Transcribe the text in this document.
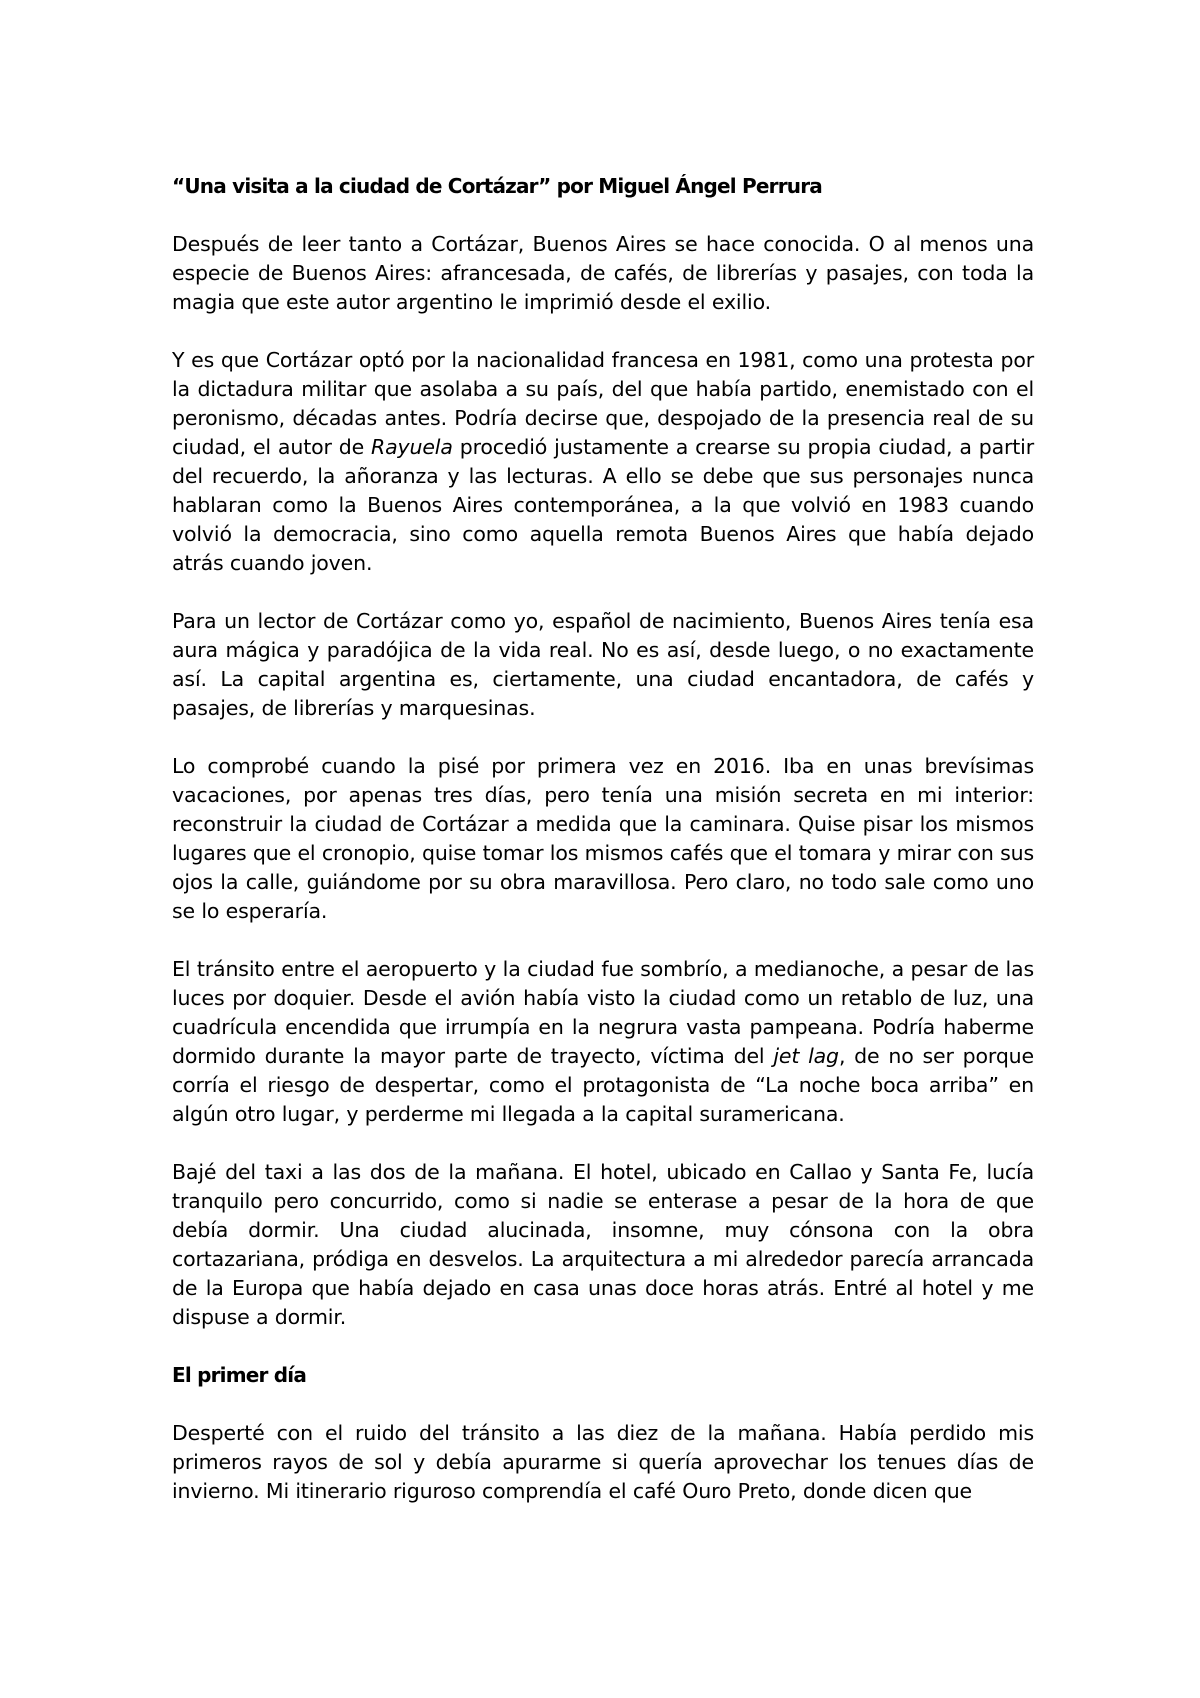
“Una visita a la ciudad de Cortázar” por Miguel Ángel Perrura

Después de leer tanto a Cortázar, Buenos Aires se hace conocida. O al menos una especie de Buenos Aires: afrancesada, de cafés, de librerías y pasajes, con toda la magia que este autor argentino le imprimió desde el exilio.

Y es que Cortázar optó por la nacionalidad francesa en 1981, como una protesta por la dictadura militar que asolaba a su país, del que había partido, enemistado con el peronismo, décadas antes. Podría decirse que, despojado de la presencia real de su ciudad, el autor de Rayuela procedió justamente a crearse su propia ciudad, a partir del recuerdo, la añoranza y las lecturas. A ello se debe que sus personajes nunca hablaran como la Buenos Aires contemporánea, a la que volvió en 1983 cuando volvió la democracia, sino como aquella remota Buenos Aires que había dejado atrás cuando joven.

Para un lector de Cortázar como yo, español de nacimiento, Buenos Aires tenía esa aura mágica y paradójica de la vida real. No es así, desde luego, o no exactamente así. La capital argentina es, ciertamente, una ciudad encantadora, de cafés y pasajes, de librerías y marquesinas.

Lo comprobé cuando la pisé por primera vez en 2016. Iba en unas brevísimas vacaciones, por apenas tres días, pero tenía una misión secreta en mi interior: reconstruir la ciudad de Cortázar a medida que la caminara. Quise pisar los mismos lugares que el cronopio, quise tomar los mismos cafés que el tomara y mirar con sus ojos la calle, guiándome por su obra maravillosa. Pero claro, no todo sale como uno se lo esperaría.

El tránsito entre el aeropuerto y la ciudad fue sombrío, a medianoche, a pesar de las luces por doquier. Desde el avión había visto la ciudad como un retablo de luz, una cuadrícula encendida que irrumpía en la negrura vasta pampeana. Podría haberme dormido durante la mayor parte de trayecto, víctima del jet lag, de no ser porque corría el riesgo de despertar, como el protagonista de “La noche boca arriba” en algún otro lugar, y perderme mi llegada a la capital suramericana.

Bajé del taxi a las dos de la mañana. El hotel, ubicado en Callao y Santa Fe, lucía tranquilo pero concurrido, como si nadie se enterase a pesar de la hora de que debía dormir. Una ciudad alucinada, insomne, muy cónsona con la obra cortazariana, pródiga en desvelos. La arquitectura a mi alrededor parecía arrancada de la Europa que había dejado en casa unas doce horas atrás. Entré al hotel y me dispuse a dormir.

El primer día

Desperté con el ruido del tránsito a las diez de la mañana. Había perdido mis primeros rayos de sol y debía apurarme si quería aprovechar los tenues días de invierno. Mi itinerario riguroso comprendía el café Ouro Preto, donde dicen que
